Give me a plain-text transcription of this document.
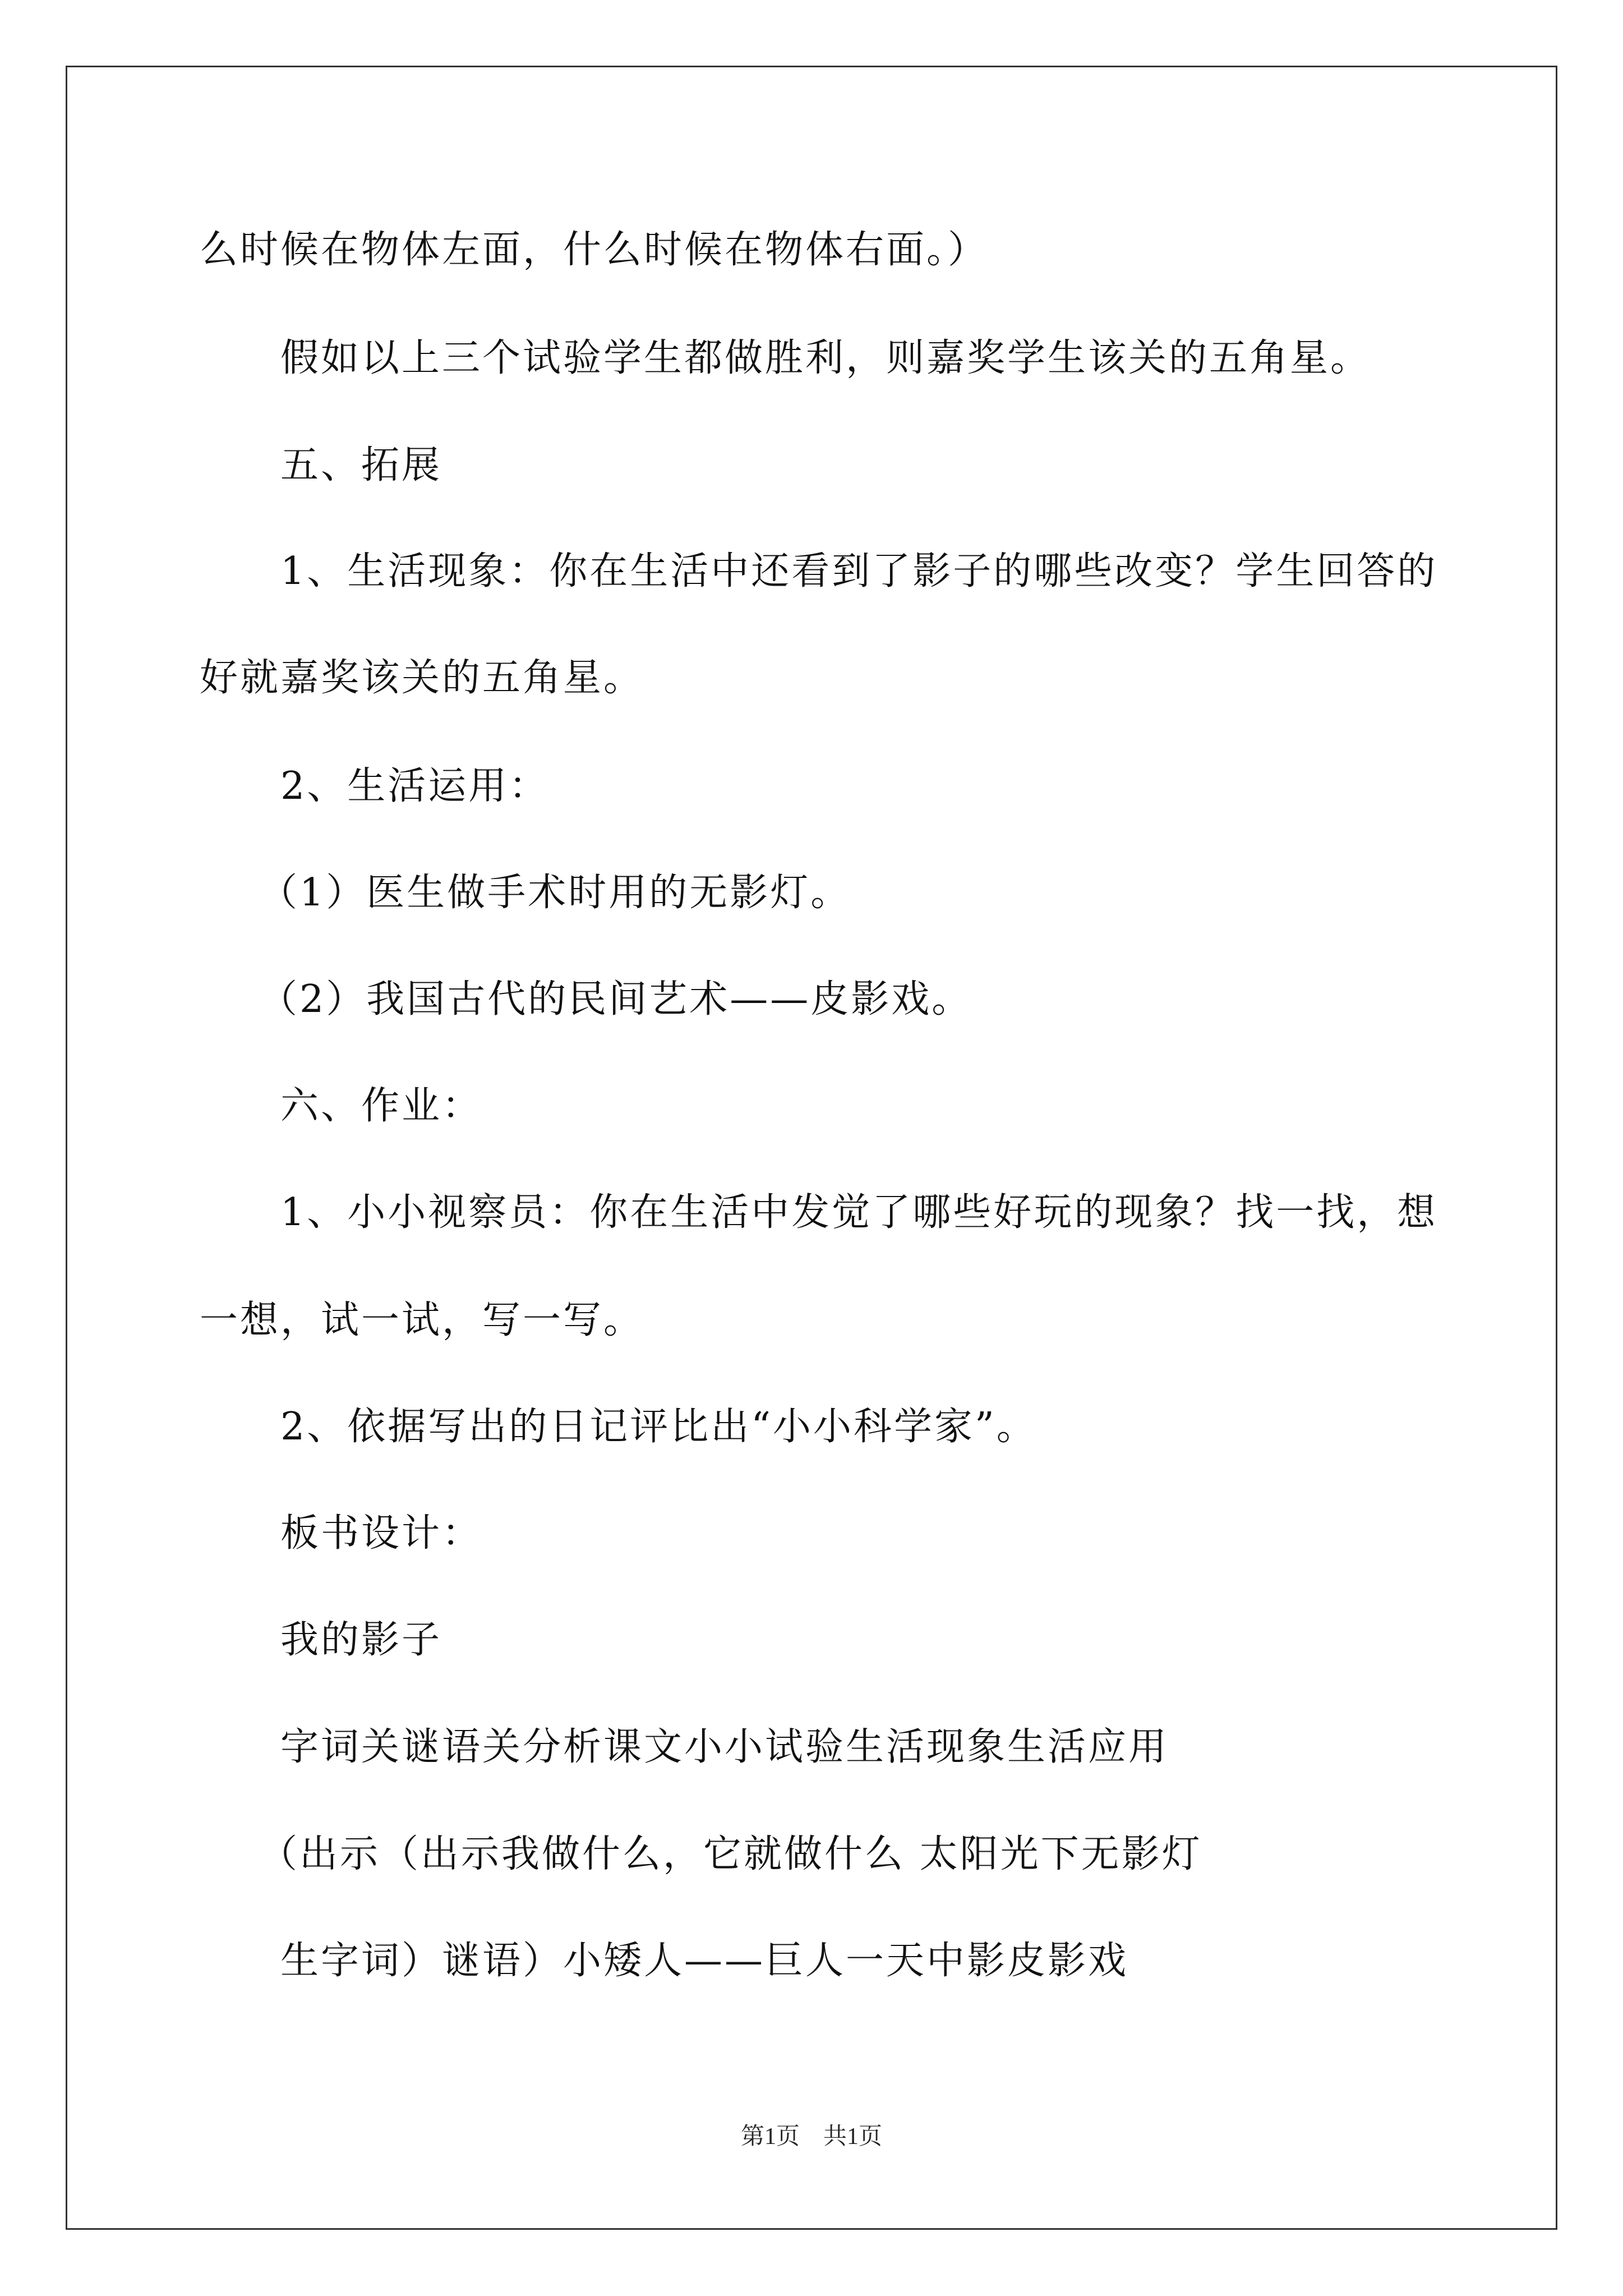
么时候在物体左面，什么时候在物体右面。）
假如以上三个试验学生都做胜利，则嘉奖学生该关的五角星。
五、拓展
1、生活现象：你在生活中还看到了影子的哪些改变？学生回答的
好就嘉奖该关的五角星。
2、生活运用：
（1）医生做手术时用的无影灯。
（2）我国古代的民间艺术——皮影戏。
六、作业：
1、小小视察员：你在生活中发觉了哪些好玩的现象？找一找，想
一想，试一试，写一写。
2、依据写出的日记评比出“小小科学家”。
板书设计：
我的影子
字词关谜语关分析课文小小试验生活现象生活应用
（出示（出示我做什么，它就做什么 太阳光下无影灯
生字词）谜语）小矮人——巨人一天中影皮影戏
第1页　共1页
